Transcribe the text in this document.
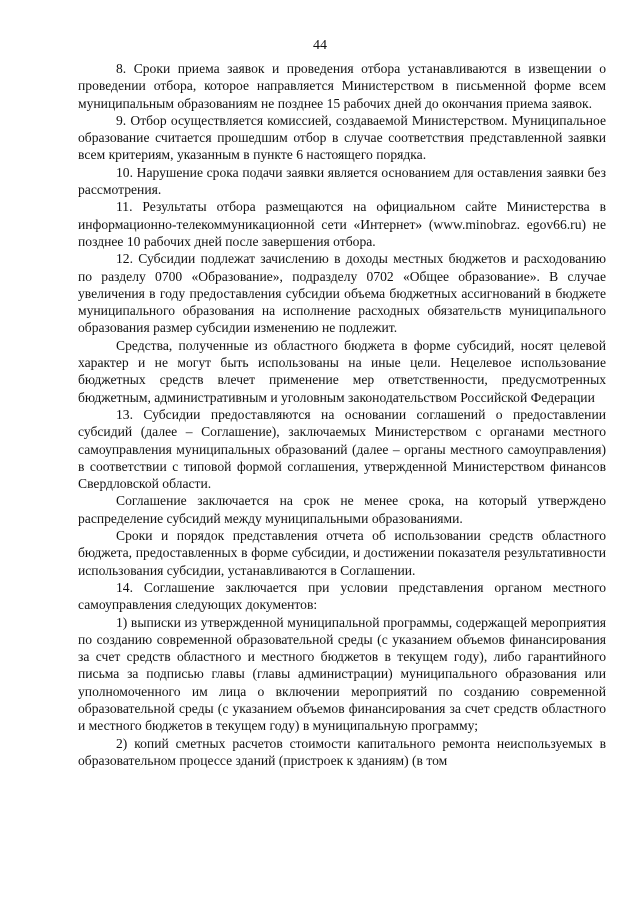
44

8. Сроки приема заявок и проведения отбора устанавливаются в извещении о проведении отбора, которое направляется Министерством в письменной форме всем муниципальным образованиям не позднее 15 рабочих дней до окончания приема заявок.

9. Отбор осуществляется комиссией, создаваемой Министерством. Муниципальное образование считается прошедшим отбор в случае соответствия представленной заявки всем критериям, указанным в пункте 6 настоящего порядка.

10. Нарушение срока подачи заявки является основанием для оставления заявки без рассмотрения.

11. Результаты отбора размещаются на официальном сайте Министерства в информационно-телекоммуникационной сети «Интернет» (www.minobraz. egov66.ru) не позднее 10 рабочих дней после завершения отбора.

12. Субсидии подлежат зачислению в доходы местных бюджетов и расходованию по разделу 0700 «Образование», подразделу 0702 «Общее образование». В случае увеличения в году предоставления субсидии объема бюджетных ассигнований в бюджете муниципального образования на исполнение расходных обязательств муниципального образования размер субсидии изменению не подлежит.

Средства, полученные из областного бюджета в форме субсидий, носят целевой характер и не могут быть использованы на иные цели. Нецелевое использование бюджетных средств влечет применение мер ответственности, предусмотренных бюджетным, административным и уголовным законодательством Российской Федерации

13. Субсидии предоставляются на основании соглашений о предоставлении субсидий (далее – Соглашение), заключаемых Министерством с органами местного самоуправления муниципальных образований (далее – органы местного самоуправления) в соответствии с типовой формой соглашения, утвержденной Министерством финансов Свердловской области.

Соглашение заключается на срок не менее срока, на который утверждено распределение субсидий между муниципальными образованиями.

Сроки и порядок представления отчета об использовании средств областного бюджета, предоставленных в форме субсидии, и достижении показателя результативности использования субсидии, устанавливаются в Соглашении.

14. Соглашение заключается при условии представления органом местного самоуправления следующих документов:

1) выписки из утвержденной муниципальной программы, содержащей мероприятия по созданию современной образовательной среды (с указанием объемов финансирования за счет средств областного и местного бюджетов в текущем году), либо гарантийного письма за подписью главы (главы администрации) муниципального образования или уполномоченного им лица о включении мероприятий по созданию современной образовательной среды (с указанием объемов финансирования за счет средств областного и местного бюджетов в текущем году) в муниципальную программу;

2) копий сметных расчетов стоимости капитального ремонта неиспользуемых в образовательном процессе зданий (пристроек к зданиям) (в том
